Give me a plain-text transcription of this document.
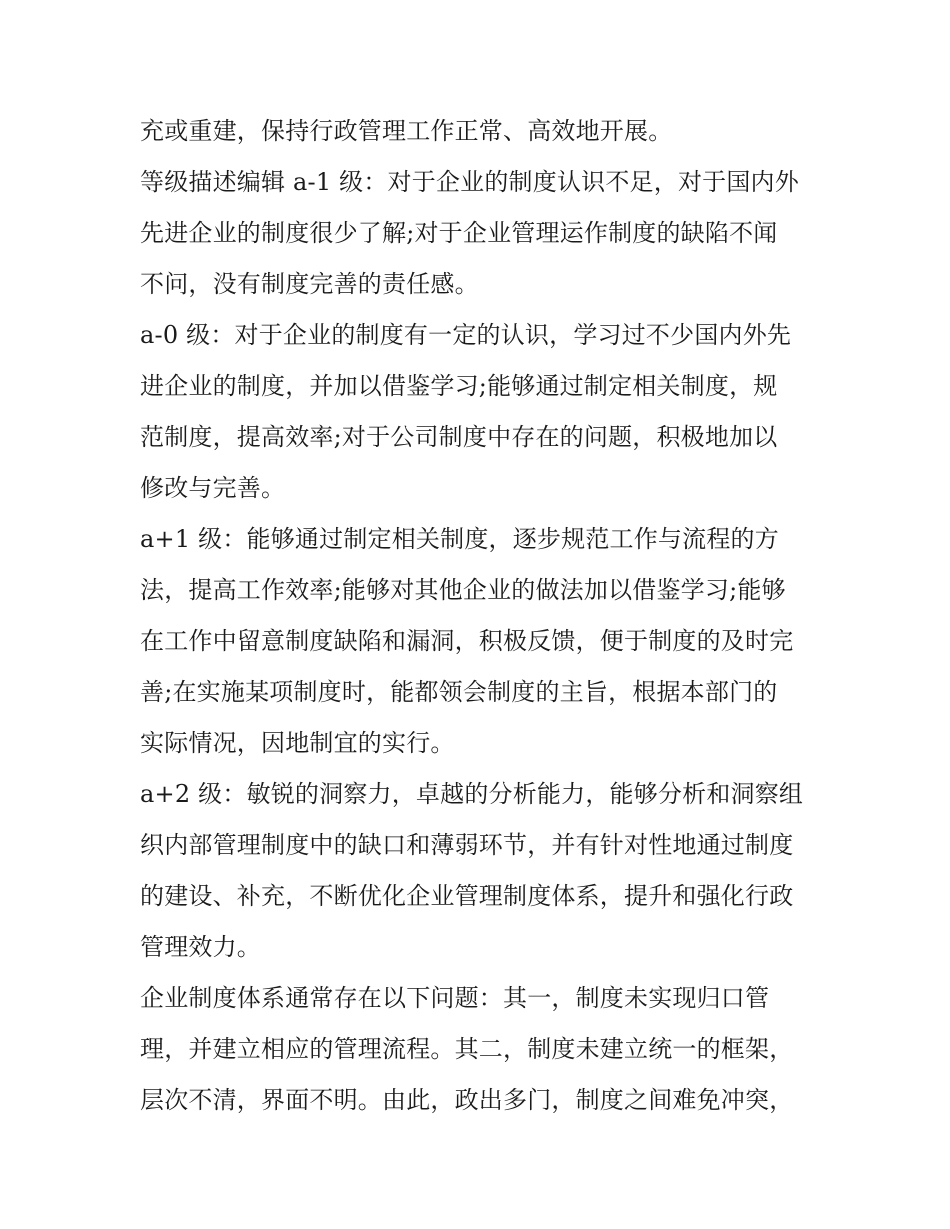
充或重建，保持行政管理工作正常、高效地开展。
等级描述编辑 a-1 级：对于企业的制度认识不足，对于国内外
先进企业的制度很少了解;对于企业管理运作制度的缺陷不闻
不问，没有制度完善的责任感。
a-0 级：对于企业的制度有一定的认识，学习过不少国内外先
进企业的制度，并加以借鉴学习;能够通过制定相关制度，规
范制度，提高效率;对于公司制度中存在的问题，积极地加以
修改与完善。
a+1 级：能够通过制定相关制度，逐步规范工作与流程的方
法，提高工作效率;能够对其他企业的做法加以借鉴学习;能够
在工作中留意制度缺陷和漏洞，积极反馈，便于制度的及时完
善;在实施某项制度时，能都领会制度的主旨，根据本部门的
实际情况，因地制宜的实行。
a+2 级：敏锐的洞察力，卓越的分析能力，能够分析和洞察组
织内部管理制度中的缺口和薄弱环节，并有针对性地通过制度
的建设、补充，不断优化企业管理制度体系，提升和强化行政
管理效力。
企业制度体系通常存在以下问题：其一，制度未实现归口管
理，并建立相应的管理流程。其二，制度未建立统一的框架，
层次不清，界面不明。由此，政出多门，制度之间难免冲突，
